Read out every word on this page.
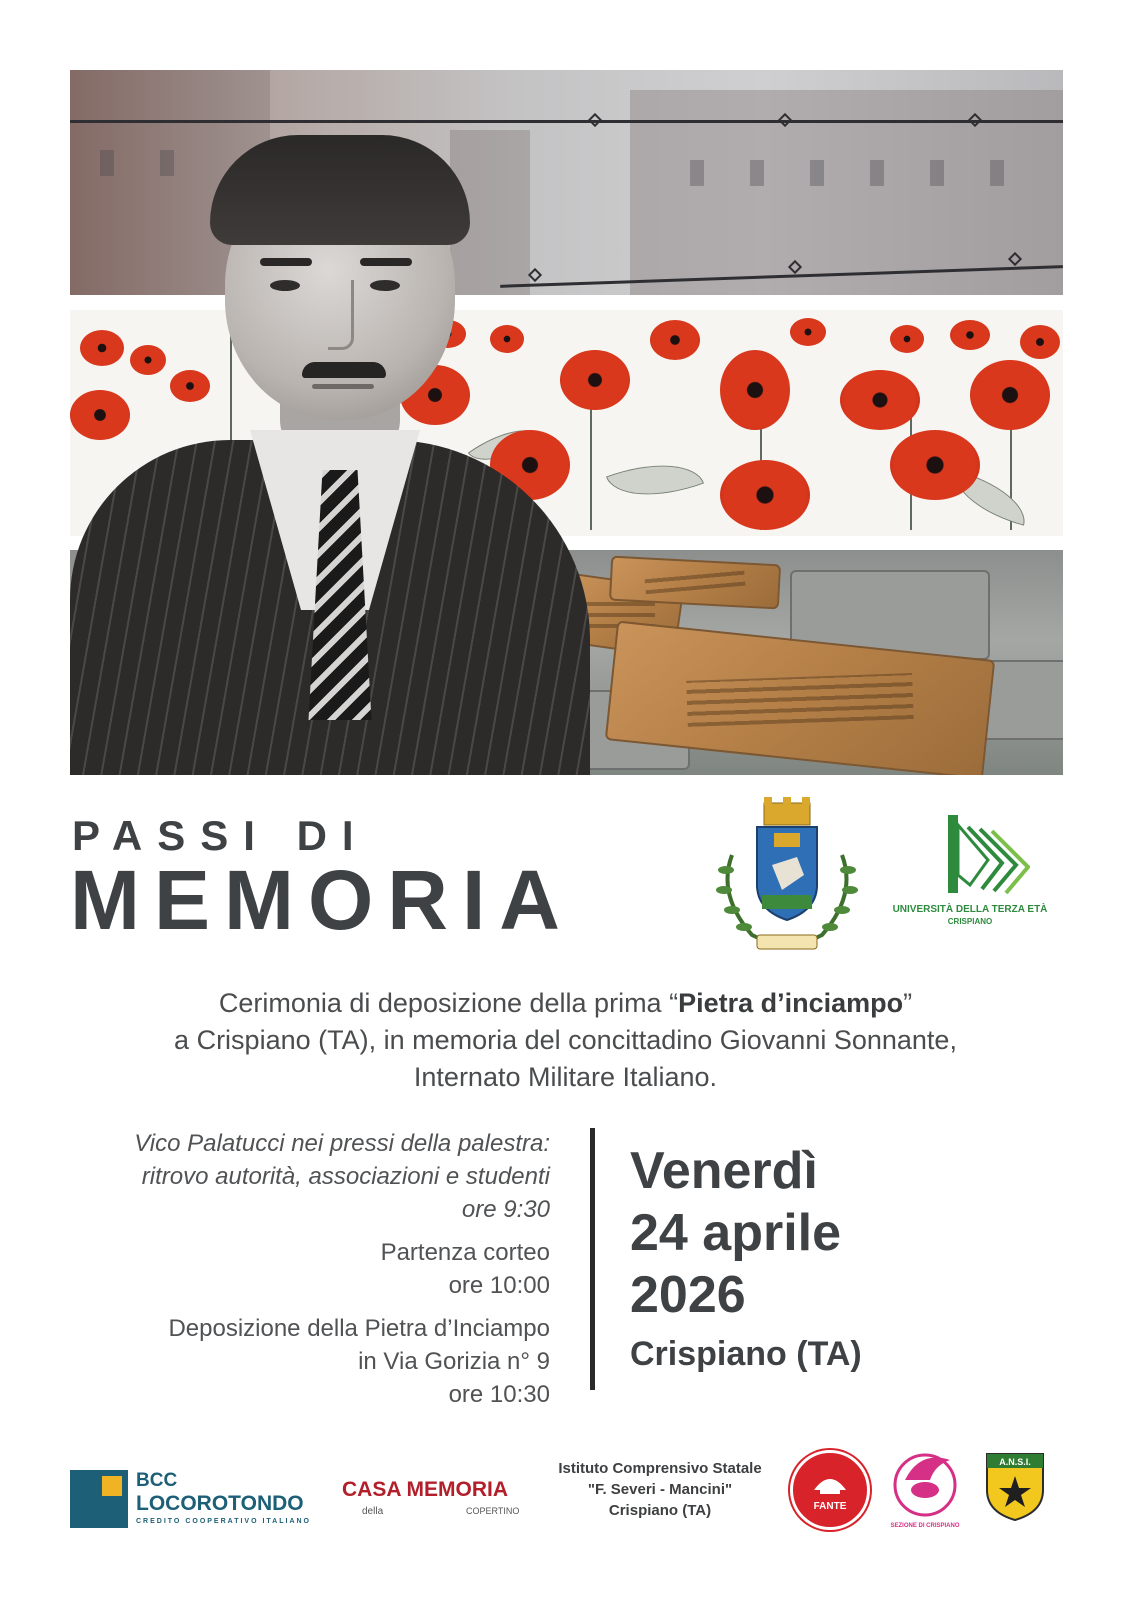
PASSI DI
MEMORIA	UNIVERSITÀ DELLA TERZA ETÀ
CRISPIANO
Cerimonia di deposizione della prima “Pietra d’inciampo”
a Crispiano (TA), in memoria del concittadino Giovanni Sonnante,
Internato Militare Italiano.
Vico Palatucci nei pressi della palestra:
ritrovo autorità, associazioni e studenti
ore 9:30
Partenza corteo
ore 10:00
Deposizione della Pietra d’Inciampo
in Via Gorizia n° 9
ore 10:30
Venerdì
24 aprile
2026
Crispiano (TA)
BCC
LOCOROTONDO
CREDITO COOPERATIVO ITALIANO
CASA MEMORIA
della	COPERTINO
Istituto Comprensivo Statale
"F. Severi - Mancini"
Crispiano (TA)	FANTE
SEZIONE DI CRISPIANO
A.N.S.I.
